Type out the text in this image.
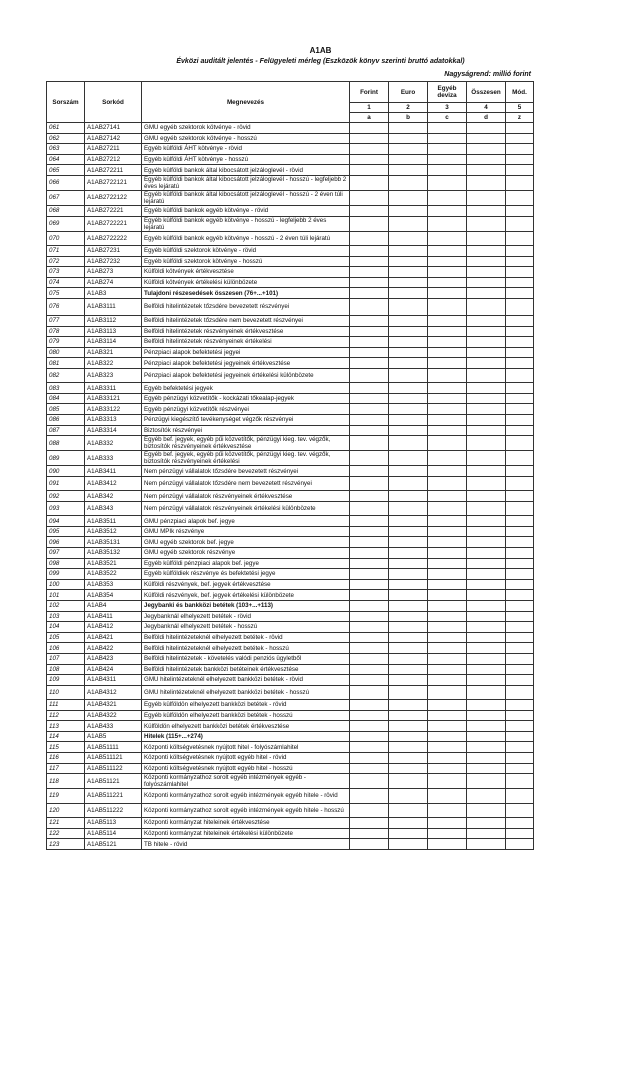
A1AB
Évközi auditált jelentés - Felügyeleti mérleg (Eszközök könyv szerinti bruttó adatokkal)
Nagyságrend: millió forint
Sorszám	Sorkód	Megnevezés	Forint	Euro	Egyéb deviza	Összesen	Mód.
			1	2	3	4	5
			a	b	c	d	z
061	A1AB27141	GMU egyéb szektorok kötvénye - rövid					
062	A1AB27142	GMU egyéb szektorok kötvénye - hosszú					
063	A1AB27211	Egyéb külföldi ÁHT kötvénye - rövid					
064	A1AB27212	Egyéb külföldi ÁHT kötvénye - hosszú					
065	A1AB272211	Egyéb külföldi bankok által kibocsátott jelzáloglevél - rövid					
066	A1AB2722121	Egyéb külföldi bankok által kibocsátott jelzáloglevél - hosszú - legfeljebb 2 éves lejáratú					
067	A1AB2722122	Egyéb külföldi bankok által kibocsátott jelzáloglevél - hosszú - 2 éven túli lejáratú					
068	A1AB272221	Egyéb külföldi bankok egyéb kötvénye - rövid					
069	A1AB2722221	Egyéb külföldi bankok egyéb kötvénye - hosszú - legfeljebb 2 éves lejáratú					
070	A1AB2722222	Egyéb külföldi bankok egyéb kötvénye - hosszú - 2 éven túli lejáratú					
071	A1AB27231	Egyéb külföldi szektorok kötvénye - rövid					
072	A1AB27232	Egyéb külföldi szektorok kötvénye - hosszú					
073	A1AB273	Külföldi kötvények értékvesztése					
074	A1AB274	Külföldi kötvények értékelési különbözete					
075	A1AB3	Tulajdoni részesedések összesen (76+...+101)					
076	A1AB3111	Belföldi hitelintézetek tőzsdére bevezetett részvényei					
077	A1AB3112	Belföldi hitelintézetek tőzsdére nem bevezetett részvényei					
078	A1AB3113	Belföldi hitelintézetek részvényeinek értékvesztése					
079	A1AB3114	Belföldi hitelintézetek részvényeinek értékelési					
080	A1AB321	Pénzpiaci alapok befektetési jegyei					
081	A1AB322	Pénzpiaci alapok befektetési jegyeinek értékvesztése					
082	A1AB323	Pénzpiaci alapok befektetési jegyeinek értékelési különbözete					
083	A1AB3311	Egyéb befektetési jegyek					
084	A1AB33121	Egyéb pénzügyi közvetítők - kockázati tőkealap-jegyek					
085	A1AB33122	Egyéb pénzügyi közvetítők részvényei					
086	A1AB3313	Pénzügyi kiegészítő tevékenységet végzők részvényei					
087	A1AB3314	Biztosítók részvényei					
088	A1AB332	Egyéb bef. jegyek, egyéb pűi közvetítők, pénzügyi kieg. tev. végzők, biztosítók részvényeinek értékvesztése					
089	A1AB333	Egyéb bef. jegyek, egyéb pűi közvetítők, pénzügyi kieg. tev. végzők, biztosítók részvényeinek értékelési					
090	A1AB3411	Nem pénzügyi vállalatok tőzsdére bevezetett részvényei					
091	A1AB3412	Nem pénzügyi vállalatok tőzsdére nem bevezetett részvényei					
092	A1AB342	Nem pénzügyi vállalatok részvényeinek értékvesztése					
093	A1AB343	Nem pénzügyi vállalatok részvényeinek értékelési különbözete					
094	A1AB3511	GMU pénzpiaci alapok bef. jegye					
095	A1AB3512	GMU MPIk részvénye					
096	A1AB35131	GMU egyéb szektorok bef. jegye					
097	A1AB35132	GMU egyéb szektorok részvénye					
098	A1AB3521	Egyéb külföldi pénzpiaci alapok bef. jegye					
099	A1AB3522	Egyéb külföldiek részvénye és befektetési jegye					
100	A1AB353	Külföldi részvények, bef. jegyek értékvesztése					
101	A1AB354	Külföldi részvények, bef. jegyek értékelési különbözete					
102	A1AB4	Jegybanki és bankközi betétek (103+...+113)					
103	A1AB411	Jegybanknál elhelyezett betétek - rövid					
104	A1AB412	Jegybanknál elhelyezett betétek - hosszú					
105	A1AB421	Belföldi hitelintézeteknél elhelyezett betétek - rövid					
106	A1AB422	Belföldi hitelintézeteknél elhelyezett betétek - hosszú					
107	A1AB423	Belföldi hitelintézetek - követelés valódi penziós ügyletből					
108	A1AB424	Belföldi hitelintézetek bankközi betéteinek értékvesztése					
109	A1AB4311	GMU hitelintézeteknél elhelyezett bankközi betétek - rövid					
110	A1AB4312	GMU hitelintézeteknél elhelyezett bankközi betétek - hosszú					
111	A1AB4321	Egyéb külföldön elhelyezett bankközi betétek - rövid					
112	A1AB4322	Egyéb külföldön elhelyezett bankközi betétek - hosszú					
113	A1AB433	Külföldön elhelyezett bankközi betétek értékvesztése					
114	A1AB5	Hitelek (115+...+274)					
115	A1AB51111	Központi költségvetésnek nyújtott hitel - folyószámlahitel					
116	A1AB511121	Központi költségvetésnek nyújtott egyéb hitel - rövid					
117	A1AB511122	Központi költségvetésnek nyújtott egyéb hitel - hosszú					
118	A1AB51121	Központi kormányzathoz sorolt egyéb intézmények egyéb - folyószámlahitel					
119	A1AB511221	Központi kormányzathoz sorolt egyéb intézmények egyéb hitele - rövid					
120	A1AB511222	Központi kormányzathoz sorolt egyéb intézmények egyéb hitele - hosszú					
121	A1AB5113	Központi kormányzat hiteleinek értékvesztése					
122	A1AB5114	Központi kormányzat hiteleinek értékelési különbözete					
123	A1AB5121	TB hitele - rövid					
